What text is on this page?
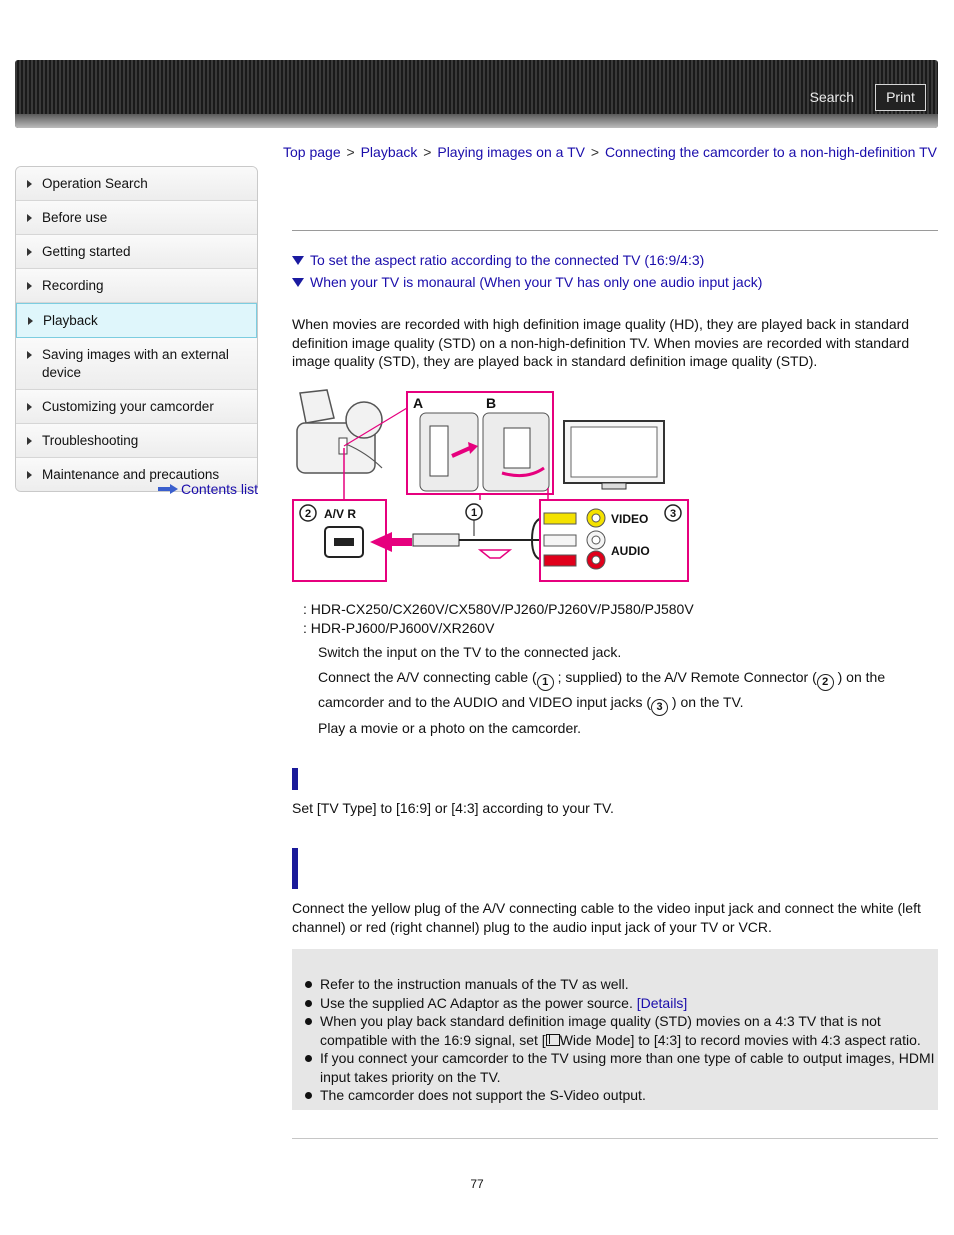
Search	Print
Top page > Playback > Playing images on a TV > Connecting the camcorder to a non-high-definition TV
Operation Search
Before use
Getting started
Recording
Playback
Saving images with an external device
Customizing your camcorder
Troubleshooting
Maintenance and precautions
Contents list
To set the aspect ratio according to the connected TV (16:9/4:3)
When your TV is monaural (When your TV has only one audio input jack)

When movies are recorded with high definition image quality (HD), they are played back in standard definition image quality (STD) on a non-high-definition TV. When movies are recorded with standard image quality (STD), they are played back in standard definition image quality (STD).

A	B
2 A/V R	1	VIDEO
AUDIO
3
: HDR-CX250/CX260V/CX580V/PJ260/PJ260V/PJ580/PJ580V
: HDR-PJ600/PJ600V/XR260V
Switch the input on the TV to the connected jack.
Connect the A/V connecting cable ( 1 ; supplied) to the A/V Remote Connector ( 2 ) on the camcorder and to the AUDIO and VIDEO input jacks ( 3 ) on the TV.
Play a movie or a photo on the camcorder.

Set [TV Type] to [16:9] or [4:3] according to your TV.

Connect the yellow plug of the A/V connecting cable to the video input jack and connect the white (left channel) or red (right channel) plug to the audio input jack of your TV or VCR.

Refer to the instruction manuals of the TV as well.
Use the supplied AC Adaptor as the power source. [Details]
When you play back standard definition image quality (STD) movies on a 4:3 TV that is not compatible with the 16:9 signal, set [ Wide Mode] to [4:3] to record movies with 4:3 aspect ratio.
If you connect your camcorder to the TV using more than one type of cable to output images, HDMI input takes priority on the TV.
The camcorder does not support the S-Video output.
77
